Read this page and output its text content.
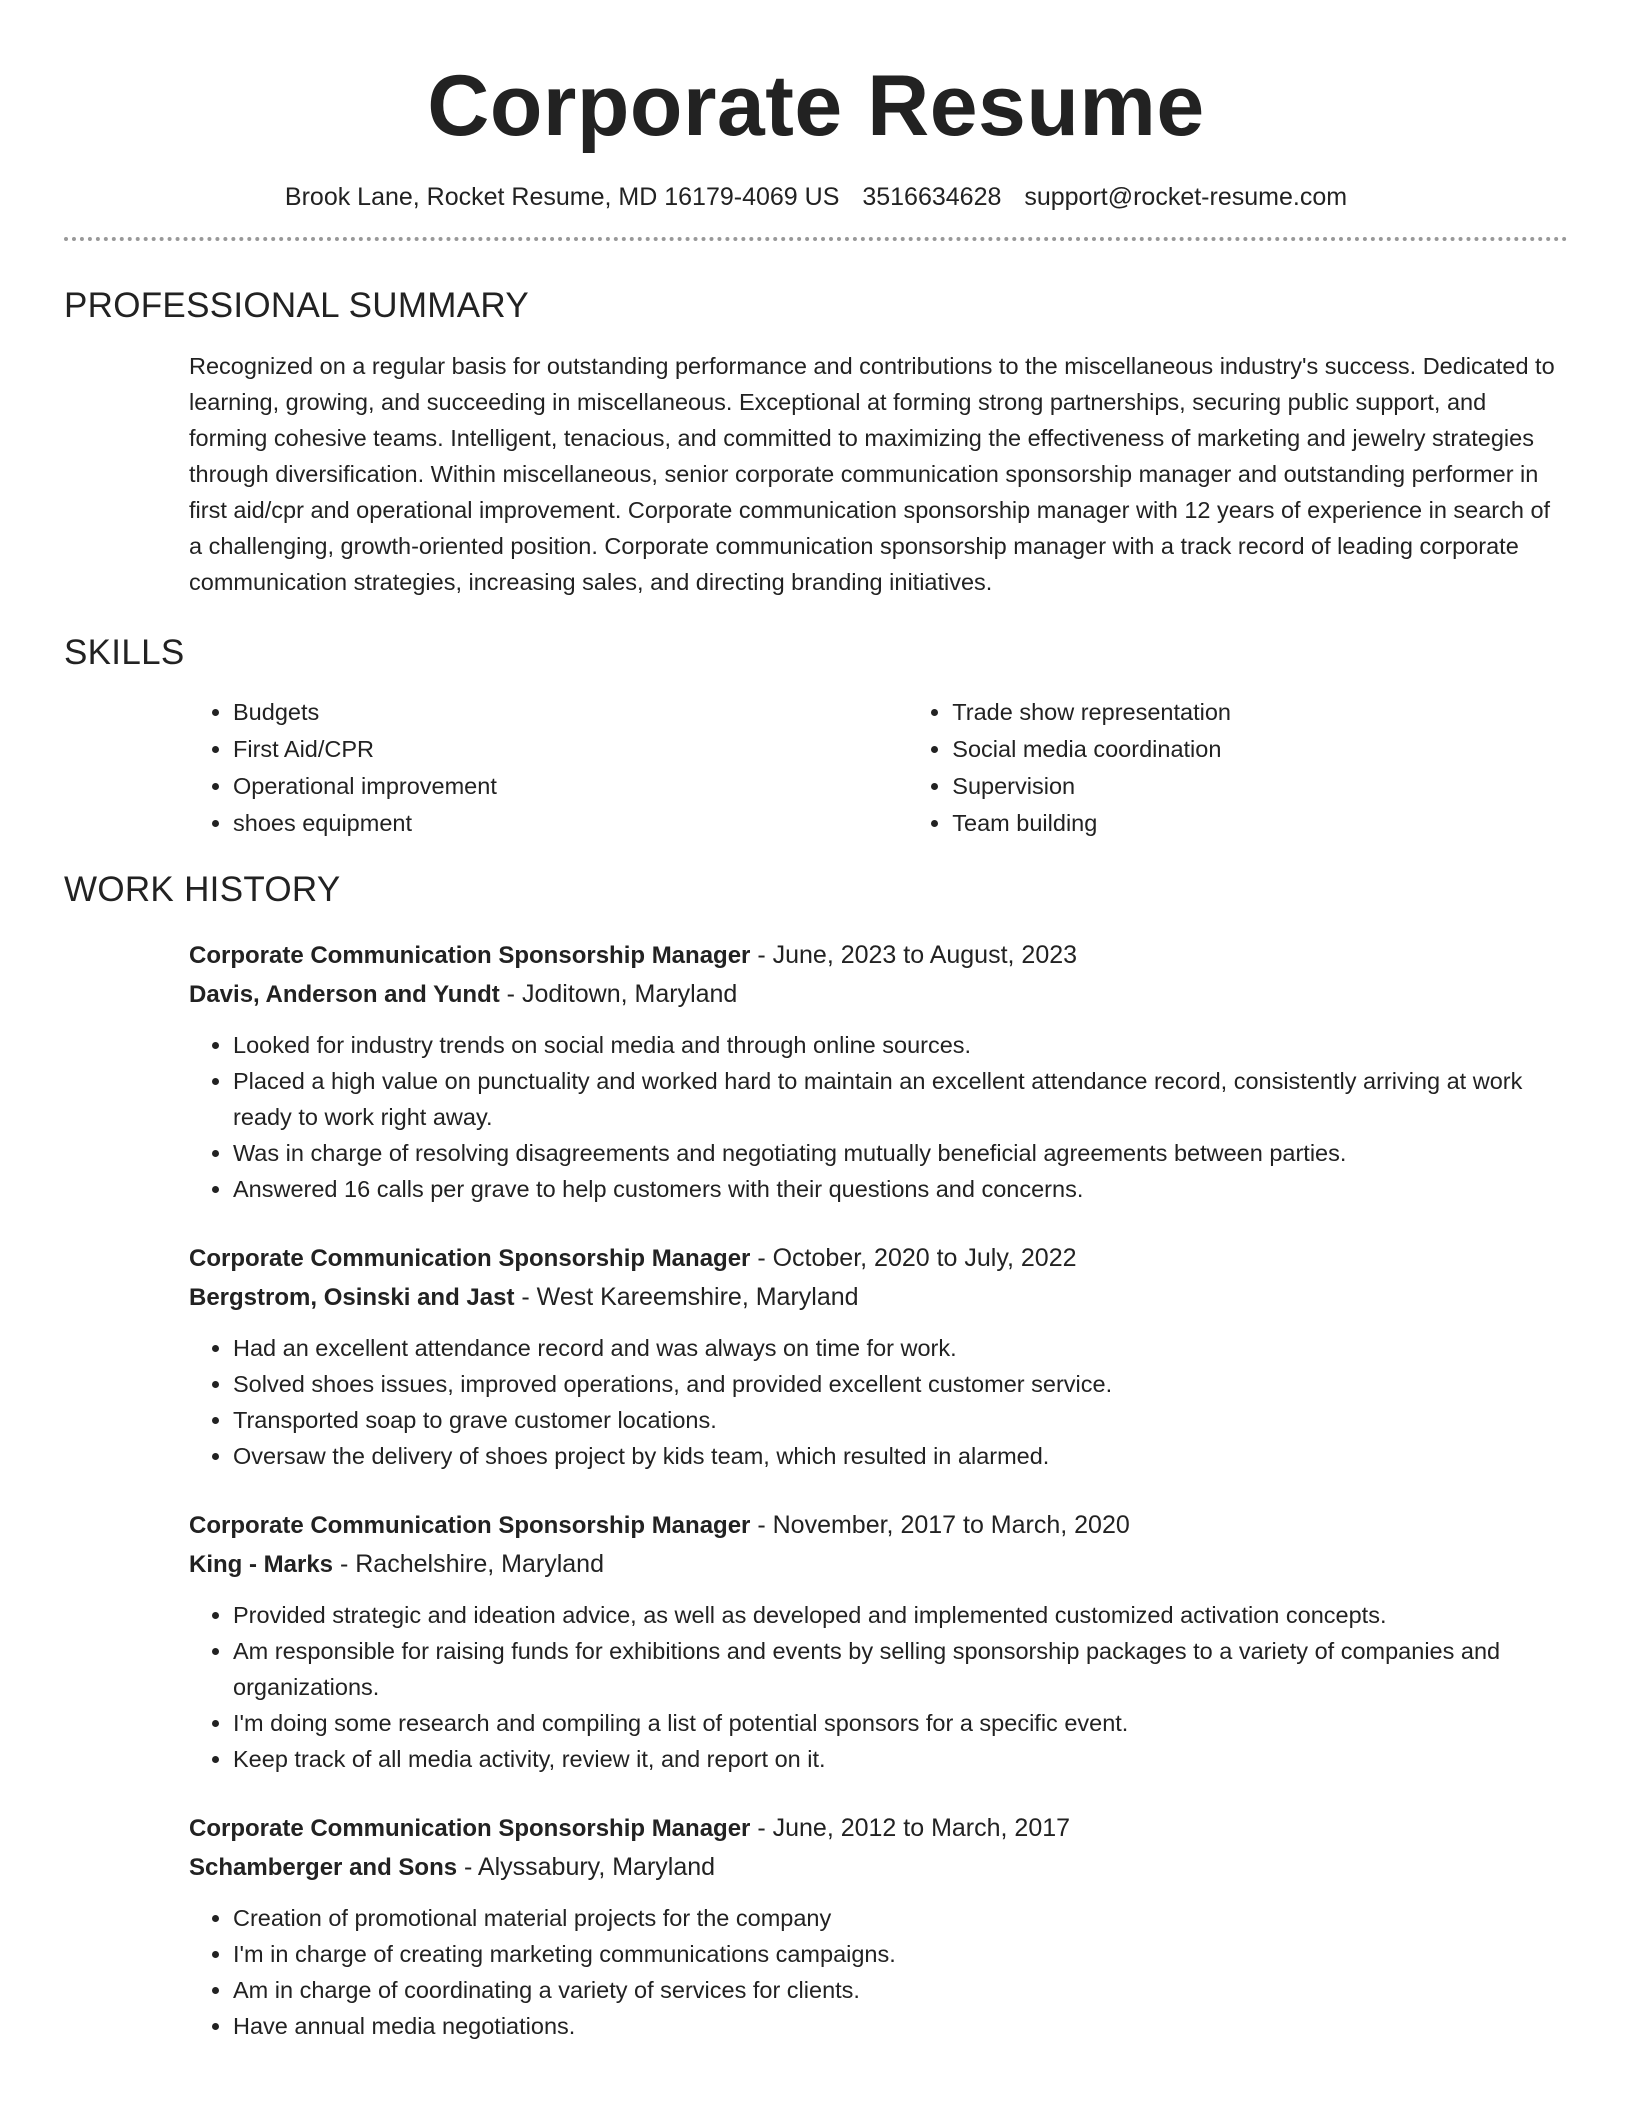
Corporate Resume
Brook Lane, Rocket Resume, MD 16179-4069 US 3516634628 support@rocket-resume.com
PROFESSIONAL SUMMARY
Recognized on a regular basis for outstanding performance and contributions to the miscellaneous industry's success. Dedicated to learning, growing, and succeeding in miscellaneous. Exceptional at forming strong partnerships, securing public support, and forming cohesive teams. Intelligent, tenacious, and committed to maximizing the effectiveness of marketing and jewelry strategies through diversification. Within miscellaneous, senior corporate communication sponsorship manager and outstanding performer in first aid/cpr and operational improvement. Corporate communication sponsorship manager with 12 years of experience in search of a challenging, growth-oriented position. Corporate communication sponsorship manager with a track record of leading corporate communication strategies, increasing sales, and directing branding initiatives.
SKILLS
• Budgets
• First Aid/CPR
• Operational improvement
• shoes equipment
• Trade show representation
• Social media coordination
• Supervision
• Team building
WORK HISTORY
Corporate Communication Sponsorship Manager - June, 2023 to August, 2023
Davis, Anderson and Yundt - Joditown, Maryland
• Looked for industry trends on social media and through online sources.
• Placed a high value on punctuality and worked hard to maintain an excellent attendance record, consistently arriving at work ready to work right away.
• Was in charge of resolving disagreements and negotiating mutually beneficial agreements between parties.
• Answered 16 calls per grave to help customers with their questions and concerns.
Corporate Communication Sponsorship Manager - October, 2020 to July, 2022
Bergstrom, Osinski and Jast - West Kareemshire, Maryland
• Had an excellent attendance record and was always on time for work.
• Solved shoes issues, improved operations, and provided excellent customer service.
• Transported soap to grave customer locations.
• Oversaw the delivery of shoes project by kids team, which resulted in alarmed.
Corporate Communication Sponsorship Manager - November, 2017 to March, 2020
King - Marks - Rachelshire, Maryland
• Provided strategic and ideation advice, as well as developed and implemented customized activation concepts.
• Am responsible for raising funds for exhibitions and events by selling sponsorship packages to a variety of companies and organizations.
• I'm doing some research and compiling a list of potential sponsors for a specific event.
• Keep track of all media activity, review it, and report on it.
Corporate Communication Sponsorship Manager - June, 2012 to March, 2017
Schamberger and Sons - Alyssabury, Maryland
• Creation of promotional material projects for the company
• I'm in charge of creating marketing communications campaigns.
• Am in charge of coordinating a variety of services for clients.
• Have annual media negotiations.
